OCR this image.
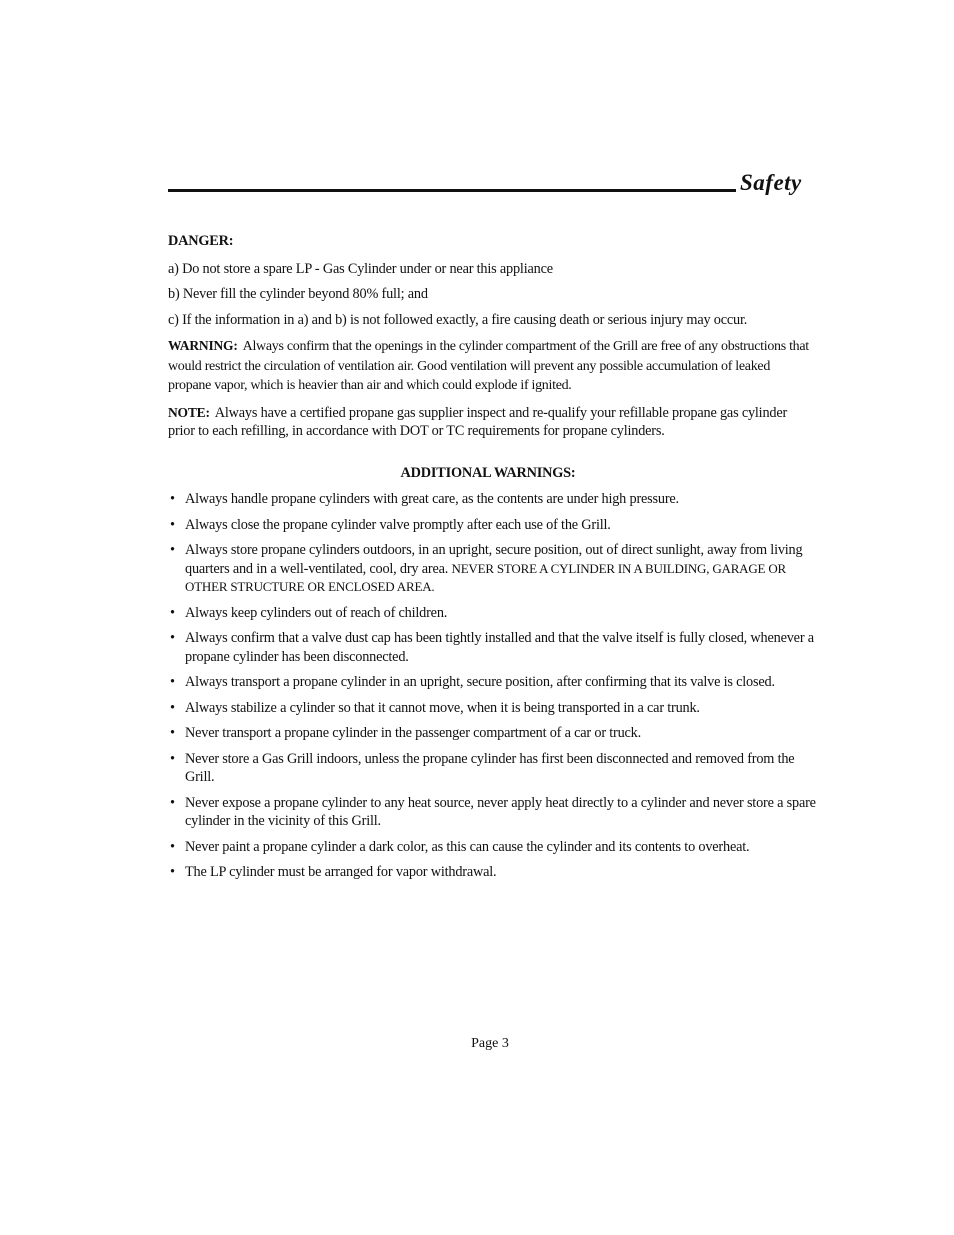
Safety
DANGER:

a) Do not store a spare LP - Gas Cylinder under or near this appliance

b) Never fill the cylinder beyond 80% full; and

c) If the information in a) and b) is not followed exactly, a fire causing death or serious injury may occur.

WARNING: Always confirm that the openings in the cylinder compartment of the Grill are free of any obstructions that would restrict the circulation of ventilation air. Good ventilation will prevent any possible accumulation of leaked propane vapor, which is heavier than air and which could explode if ignited.

NOTE: Always have a certified propane gas supplier inspect and re-qualify your refillable propane gas cylinder prior to each refilling, in accordance with DOT or TC requirements for propane cylinders.

ADDITIONAL WARNINGS:
• Always handle propane cylinders with great care, as the contents are under high pressure.
• Always close the propane cylinder valve promptly after each use of the Grill.
• Always store propane cylinders outdoors, in an upright, secure position, out of direct sunlight, away from living quarters and in a well-ventilated, cool, dry area. NEVER STORE A CYLINDER IN A BUILDING, GARAGE OR OTHER STRUCTURE OR ENCLOSED AREA.
• Always keep cylinders out of reach of children.
• Always confirm that a valve dust cap has been tightly installed and that the valve itself is fully closed, whenever a propane cylinder has been disconnected.
• Always transport a propane cylinder in an upright, secure position, after confirming that its valve is closed.
• Always stabilize a cylinder so that it cannot move, when it is being transported in a car trunk.
• Never transport a propane cylinder in the passenger compartment of a car or truck.
• Never store a Gas Grill indoors, unless the propane cylinder has first been disconnected and removed from the Grill.
• Never expose a propane cylinder to any heat source, never apply heat directly to a cylinder and never store a spare cylinder in the vicinity of this Grill.
• Never paint a propane cylinder a dark color, as this can cause the cylinder and its contents to overheat.
• The LP cylinder must be arranged for vapor withdrawal.
Page 3
